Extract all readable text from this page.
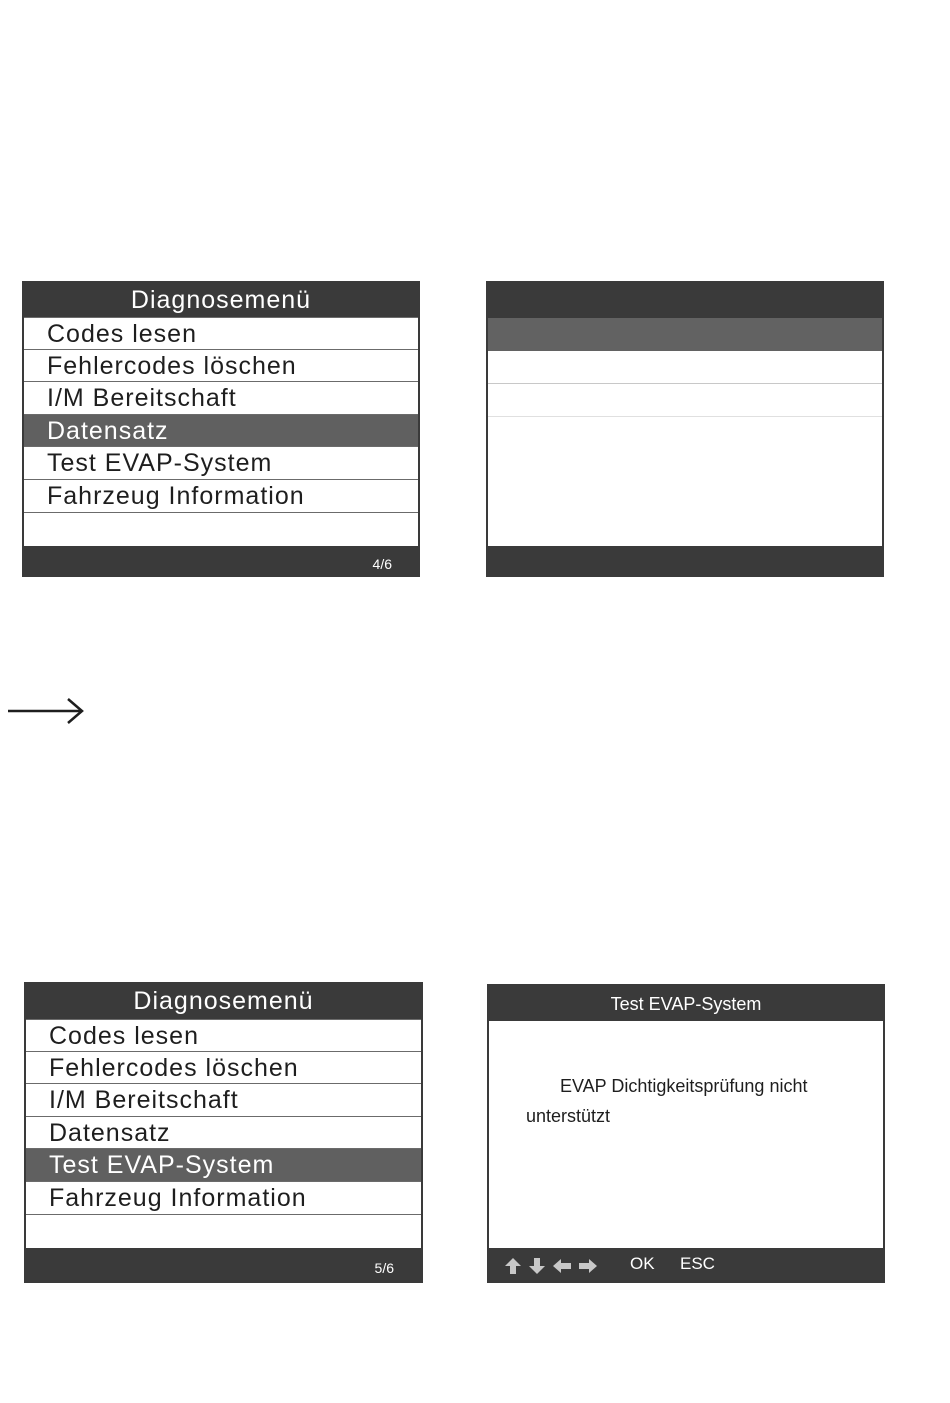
Diagnosemenü
Codes lesen
Fehlercodes löschen
I/M Bereitschaft
Datensatz
Test EVAP-System
Fahrzeug Information
4/6
Diagnosemenü
Codes lesen
Fehlercodes löschen
I/M Bereitschaft
Datensatz
Test EVAP-System
Fahrzeug Information
5/6
Test EVAP-System
EVAP Dichtigkeitsprüfung nicht
unterstützt
OK ESC
